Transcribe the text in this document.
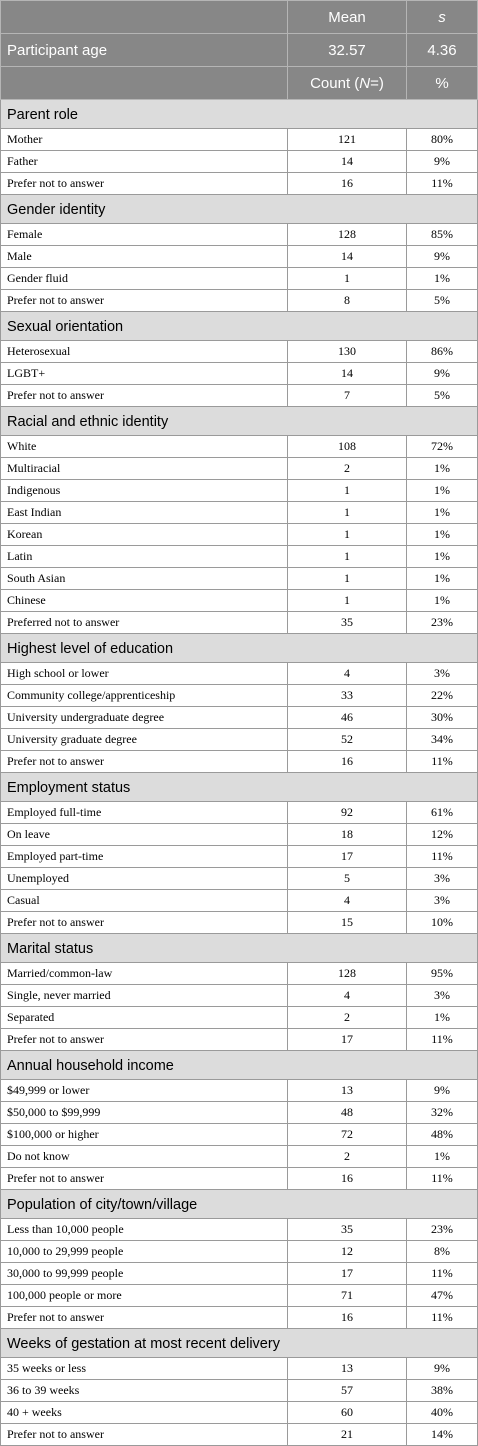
	Mean	s
Participant age	32.57	4.36
	Count (N=)	%
Parent role		
Mother	121	80%
Father	14	9%
Prefer not to answer	16	11%
Gender identity		
Female	128	85%
Male	14	9%
Gender fluid	1	1%
Prefer not to answer	8	5%
Sexual orientation		
Heterosexual	130	86%
LGBT+	14	9%
Prefer not to answer	7	5%
Racial and ethnic identity		
White	108	72%
Multiracial	2	1%
Indigenous	1	1%
East Indian	1	1%
Korean	1	1%
Latin	1	1%
South Asian	1	1%
Chinese	1	1%
Preferred not to answer	35	23%
Highest level of education		
High school or lower	4	3%
Community college/apprenticeship	33	22%
University undergraduate degree	46	30%
University graduate degree	52	34%
Prefer not to answer	16	11%
Employment status		
Employed full-time	92	61%
On leave	18	12%
Employed part-time	17	11%
Unemployed	5	3%
Casual	4	3%
Prefer not to answer	15	10%
Marital status		
Married/common-law	128	95%
Single, never married	4	3%
Separated	2	1%
Prefer not to answer	17	11%
Annual household income		
$49,999 or lower	13	9%
$50,000 to $99,999	48	32%
$100,000 or higher	72	48%
Do not know	2	1%
Prefer not to answer	16	11%
Population of city/town/village		
Less than 10,000 people	35	23%
10,000 to 29,999 people	12	8%
30,000 to 99,999 people	17	11%
100,000 people or more	71	47%
Prefer not to answer	16	11%
Weeks of gestation at most recent delivery		
35 weeks or less	13	9%
36 to 39 weeks	57	38%
40 + weeks	60	40%
Prefer not to answer	21	14%
